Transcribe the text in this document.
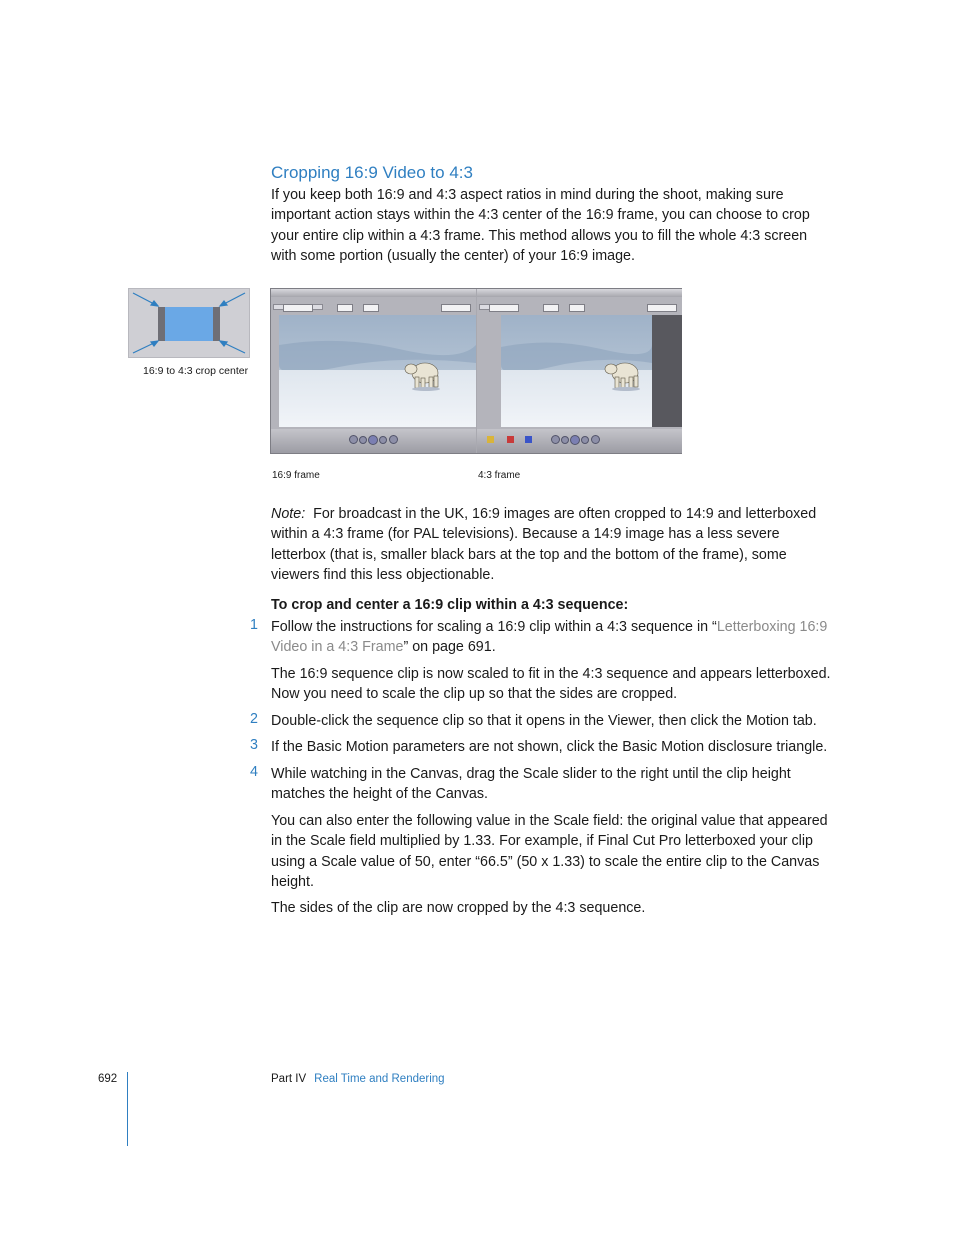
Cropping 16:9 Video to 4:3
If you keep both 16:9 and 4:3 aspect ratios in mind during the shoot, making sure important action stays within the 4:3 center of the 16:9 frame, you can choose to crop your entire clip within a 4:3 frame. This method allows you to fill the whole 4:3 screen with some portion (usually the center) of your 16:9 image.
16:9 to 4:3 crop center
16:9 frame	4:3 frame
Note: For broadcast in the UK, 16:9 images are often cropped to 14:9 and letterboxed within a 4:3 frame (for PAL televisions). Because a 14:9 image has a less severe letterbox (that is, smaller black bars at the top and the bottom of the frame), some viewers find this less objectionable.
To crop and center a 16:9 clip within a 4:3 sequence:
1 Follow the instructions for scaling a 16:9 clip within a 4:3 sequence in “Letterboxing 16:9 Video in a 4:3 Frame” on page 691.
The 16:9 sequence clip is now scaled to fit in the 4:3 sequence and appears letterboxed. Now you need to scale the clip up so that the sides are cropped.
2 Double-click the sequence clip so that it opens in the Viewer, then click the Motion tab.
3 If the Basic Motion parameters are not shown, click the Basic Motion disclosure triangle.
4 While watching in the Canvas, drag the Scale slider to the right until the clip height matches the height of the Canvas.
You can also enter the following value in the Scale field: the original value that appeared in the Scale field multiplied by 1.33. For example, if Final Cut Pro letterboxed your clip using a Scale value of 50, enter “66.5” (50 x 1.33) to scale the entire clip to the Canvas height.
The sides of the clip are now cropped by the 4:3 sequence.
692	Part IV Real Time and Rendering
